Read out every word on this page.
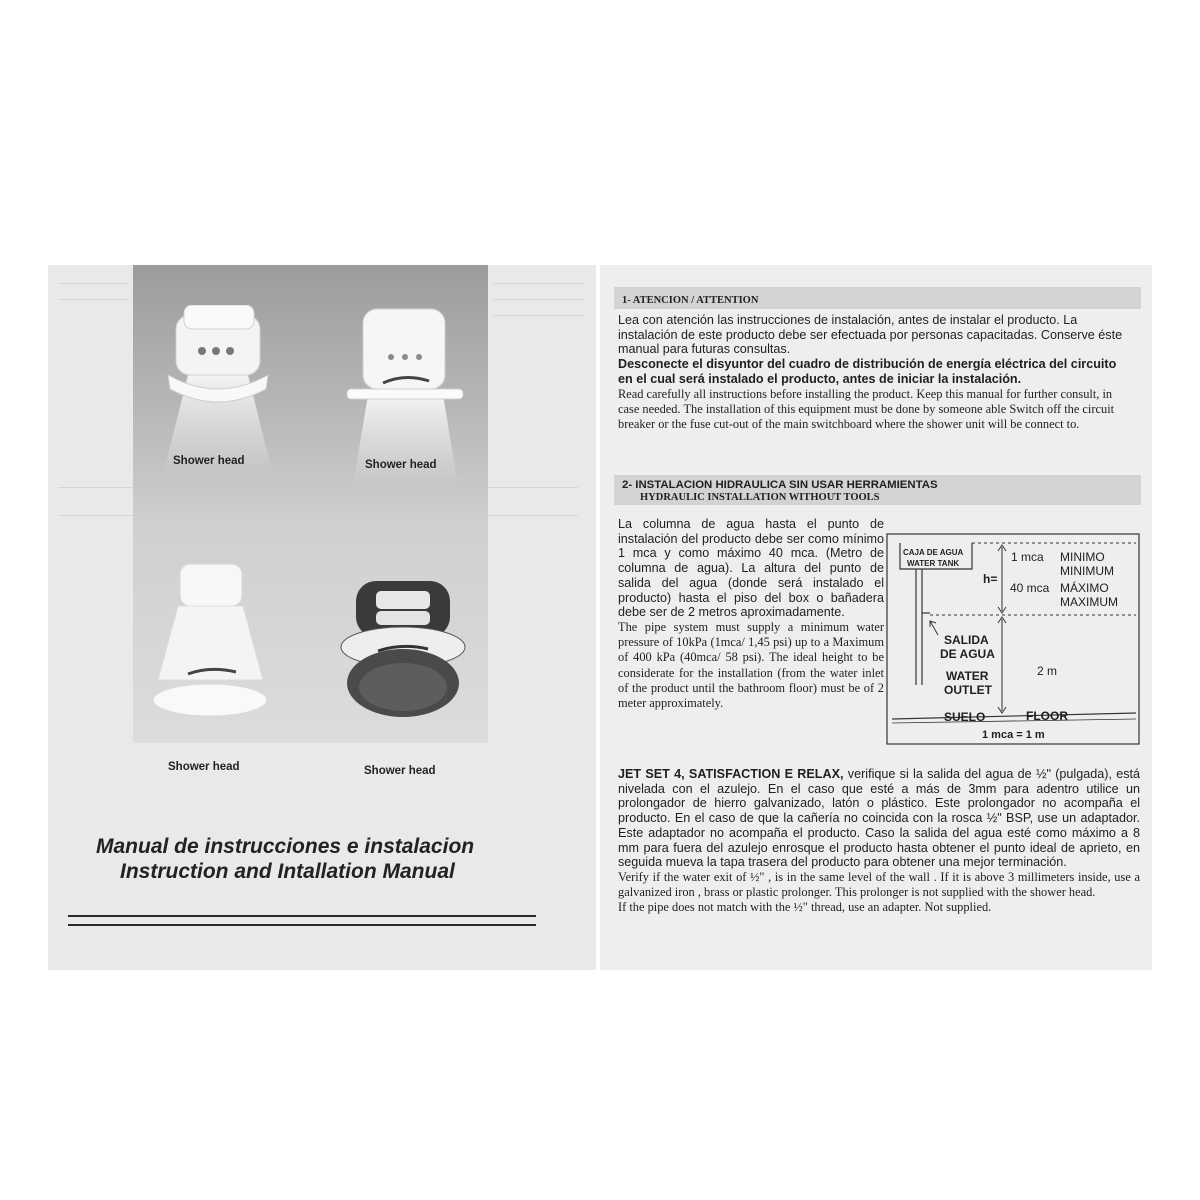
Shower head	Shower head
Shower head	Shower head
Manual de instrucciones e instalacion
Instruction and Intallation Manual
1- ATENCION / ATTENTION

Lea con atención las instrucciones de instalación, antes de instalar el producto. La instalación de este producto debe ser efectuada por personas capacitadas. Conserve éste manual para futuras consultas.

Desconecte el disyuntor del cuadro de distribución de energía eléctrica del circuito en el cual será instalado el producto, antes de iniciar la instalación.

Read carefully all instructions before installing the product. Keep this manual for further consult, in case needed. The installation of this equipment must be done by someone able Switch off the circuit breaker or the fuse cut-out of the main switchboard where the shower unit will be connect to.

2- INSTALACION HIDRAULICA SIN USAR HERRAMIENTAS
HYDRAULIC INSTALLATION WITHOUT TOOLS

La columna de agua hasta el punto de instalación del producto debe ser como mínimo 1 mca y como máximo 40 mca. (Metro de columna de agua). La altura del punto de salida del agua (donde será instalado el producto) hasta el piso del box o bañadera debe ser de 2 metros aproximadamente.

The pipe system must supply a minimum water pressure of 10kPa (1mca/ 1,45 psi) up to a Maximum of 400 kPa (40mca/ 58 psi). The ideal height to be considerate for the installation (from the water inlet of the product until the bathroom floor) must be of 2 meter approximately.

CAJA DE AGUA
WATER TANK
h=
1 mca MINIMO
MINIMUM
40 mca MÁXIMO
MAXIMUM
SALIDA
DE AGUA
WATER
OUTLET
2 m
SUELO	FLOOR
1 mca = 1 m

JET SET 4, SATISFACTION E RELAX, verifique si la salida del agua de ½" (pulgada), está nivelada con el azulejo. En el caso que esté a más de 3mm para adentro utilice un prolongador de hierro galvanizado, latón o plástico. Este prolongador no acompaña el producto. En el caso de que la cañería no coincida con la rosca ½" BSP, use un adaptador. Este adaptador no acompaña el producto. Caso la salida del agua esté como máximo a 8 mm para fuera del azulejo enrosque el producto hasta obtener el punto ideal de aprieto, en seguida mueva la tapa trasera del producto para obtener una mejor terminación.

Verify if the water exit of ½" , is in the same level of the wall . If it is above 3 millimeters inside, use a galvanized iron , brass or plastic prolonger. This prolonger is not supplied with the shower head.

If the pipe does not match with the ½" thread, use an adapter. Not supplied.
